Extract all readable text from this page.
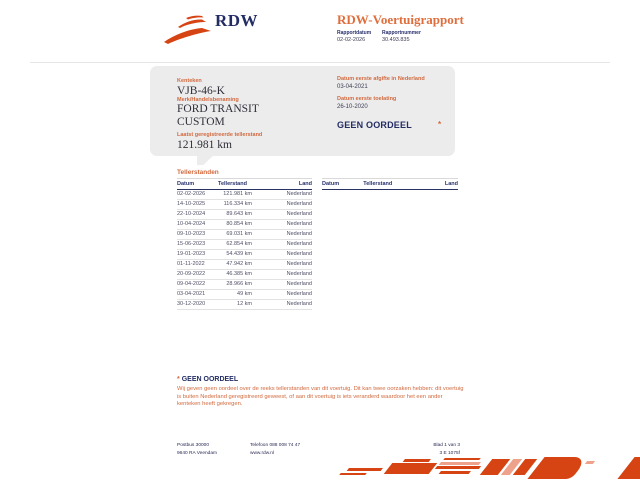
RDW	RDW-Voertuigrapport
Rapportdatum Rapportnummer
02-02-2026	30.493.835
Kenteken
VJB-46-K
Merk/Handelsbenaming
FORD TRANSIT
CUSTOM
Laatst geregistreerde tellerstand
121.981 km
Datum eerste afgifte in Nederland
03-04-2021
Datum eerste toelating
26-10-2020
GEEN OORDEEL	*
Tellerstanden
Datum	Tellerstand	Land
02-02-2026	121.981 km	Nederland
14-10-2025	116.334 km	Nederland
22-10-2024	89.643 km	Nederland
10-04-2024	80.854 km	Nederland
09-10-2023	69.031 km	Nederland
15-06-2023	62.854 km	Nederland
19-01-2023	54.439 km	Nederland
01-11-2022	47.942 km	Nederland
20-09-2022	46.385 km	Nederland
09-04-2022	28.966 km	Nederland
03-04-2021	49 km	Nederland
30-12-2020	12 km	Nederland
Datum	Tellerstand	Land
* GEEN OORDEEL
Wij geven geen oordeel over de reeks tellerstanden van dit voertuig. Dit kan twee oorzaken hebben: dit voertuig is buiten Nederland geregistreerd geweest, of aan dit voertuig is iets veranderd waardoor het een ander kenteken heeft gekregen.
Postbus 30000
9640 RA Veendam
Telefoon 088 008 74 47
www.rdw.nl
Blad 1 van 3
3 E 1075f
